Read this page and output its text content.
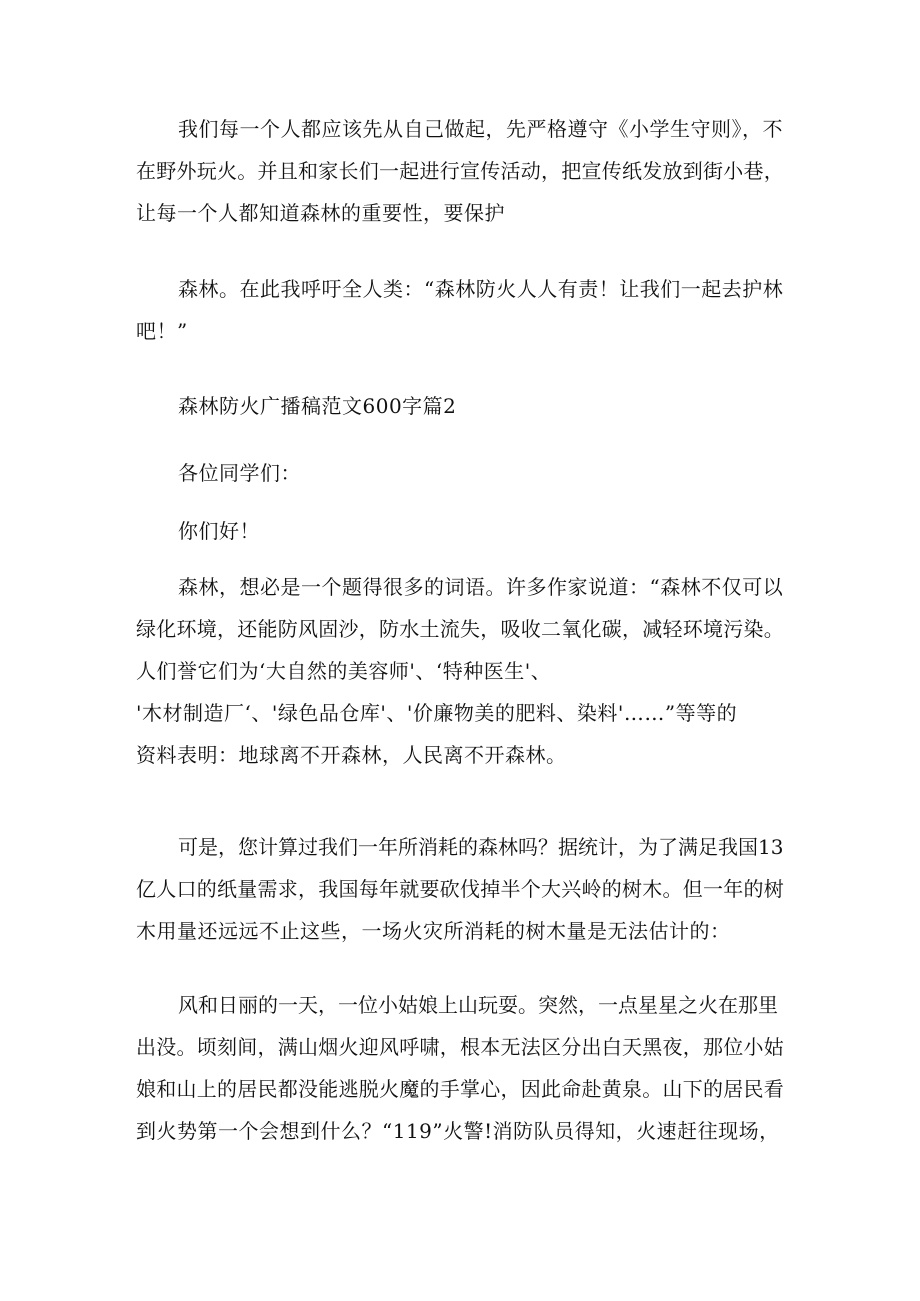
我们每一个人都应该先从自己做起，先严格遵守《小学生守则》，不
在野外玩火。并且和家长们一起进行宣传活动，把宣传纸发放到街小巷，
让每一个人都知道森林的重要性，要保护
森林。在此我呼吁全人类：“森林防火人人有责！让我们一起去护林
吧！”
森林防火广播稿范文600字篇2
各位同学们：
你们好！
森林，想必是一个题得很多的词语。许多作家说道：“森林不仅可以
绿化环境，还能防风固沙，防水土流失，吸收二氧化碳，减轻环境污染。
人们誉它们为‘大自然的美容师'、‘特种医生'、
'木材制造厂‘、'绿色品仓库'、'价廉物美的肥料、染料'……”等等的
资料表明：地球离不开森林，人民离不开森林。
可是，您计算过我们一年所消耗的森林吗？据统计，为了满足我国13
亿人口的纸量需求，我国每年就要砍伐掉半个大兴岭的树木。但一年的树
木用量还远远不止这些，一场火灾所消耗的树木量是无法估计的：
风和日丽的一天，一位小姑娘上山玩耍。突然，一点星星之火在那里
出没。顷刻间，满山烟火迎风呼啸，根本无法区分出白天黑夜，那位小姑
娘和山上的居民都没能逃脱火魔的手掌心，因此命赴黄泉。山下的居民看
到火势第一个会想到什么？“119”火警!消防队员得知，火速赶往现场，
